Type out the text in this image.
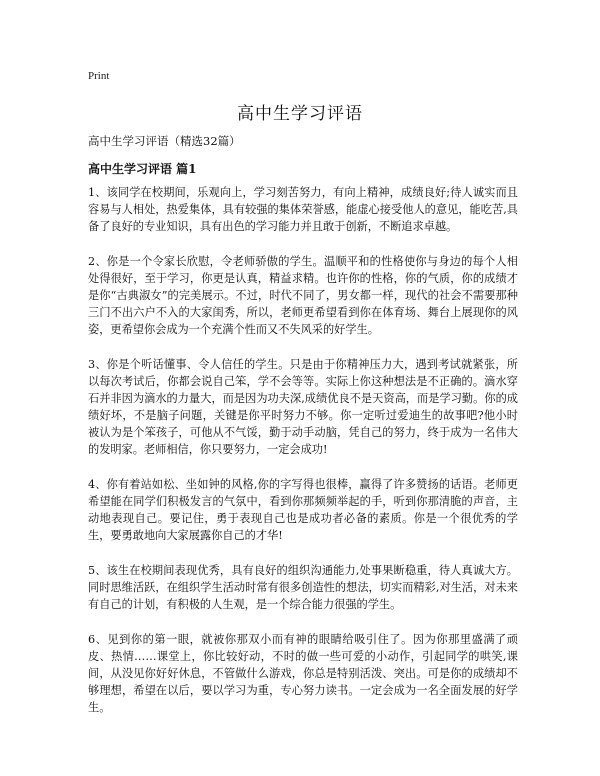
Print
高中生学习评语

高中生学习评语（精选32篇）

高中生学习评语 篇1

1、该同学在校期间，乐观向上，学习刻苦努力，有向上精神，成绩良好;待人诚实而且容易与人相处，热爱集体，具有较强的集体荣誉感，能虚心接受他人的意见，能吃苦,具备了良好的专业知识，具有出色的学习能力并且敢于创新，不断追求卓越。

2、你是一个令家长欣慰，令老师骄傲的学生。温顺平和的性格使你与身边的每个人相处得很好，至于学习，你更是认真，精益求精。也许你的性格，你的气质，你的成绩才是你“古典淑女”的完美展示。不过，时代不同了，男女都一样，现代的社会不需要那种三门不出六户不入的大家闺秀，所以，老师更希望看到你在体育场、舞台上展现你的风姿，更希望你会成为一个充满个性而又不失风采的好学生。

3、你是个听话懂事、令人信任的学生。只是由于你精神压力大，遇到考试就紧张，所以每次考试后，你都会说自己笨，学不会等等。实际上你这种想法是不正确的。滴水穿石并非因为滴水的力量大，而是因为功夫深,成绩优良不是天资高，而是学习勤。你的成绩好坏，不是脑子问题，关键是你平时努力不够。你一定听过爱迪生的故事吧?他小时被认为是个笨孩子，可他从不气馁，勤于动手动脑，凭自己的努力，终于成为一名伟大的发明家。老师相信，你只要努力，一定会成功!

4、你有着站如松、坐如钟的风格,你的字写得也很棒，赢得了许多赞扬的话语。老师更希望能在同学们积极发言的气氛中，看到你那频频举起的手，听到你那清脆的声音，主动地表现自己。要记住，勇于表现自己也是成功者必备的素质。你是一个很优秀的学生，要勇敢地向大家展露你自己的才华!

5、该生在校期间表现优秀，具有良好的组织沟通能力,处事果断稳重，待人真诚大方。同时思维活跃，在组织学生活动时常有很多创造性的想法，切实而精彩,对生活，对未来有自己的计划，有积极的人生观，是一个综合能力很强的学生。

6、见到你的第一眼，就被你那双小而有神的眼睛给吸引住了。因为你那里盛满了顽皮、热情……课堂上，你比较好动，不时的做一些可爱的小动作，引起同学的哄笑,课间，从没见你好好休息，不管做什么游戏，你总是特别活泼、突出。可是你的成绩却不够理想，希望在以后，要以学习为重，专心努力读书。一定会成为一名全面发展的好学生。
